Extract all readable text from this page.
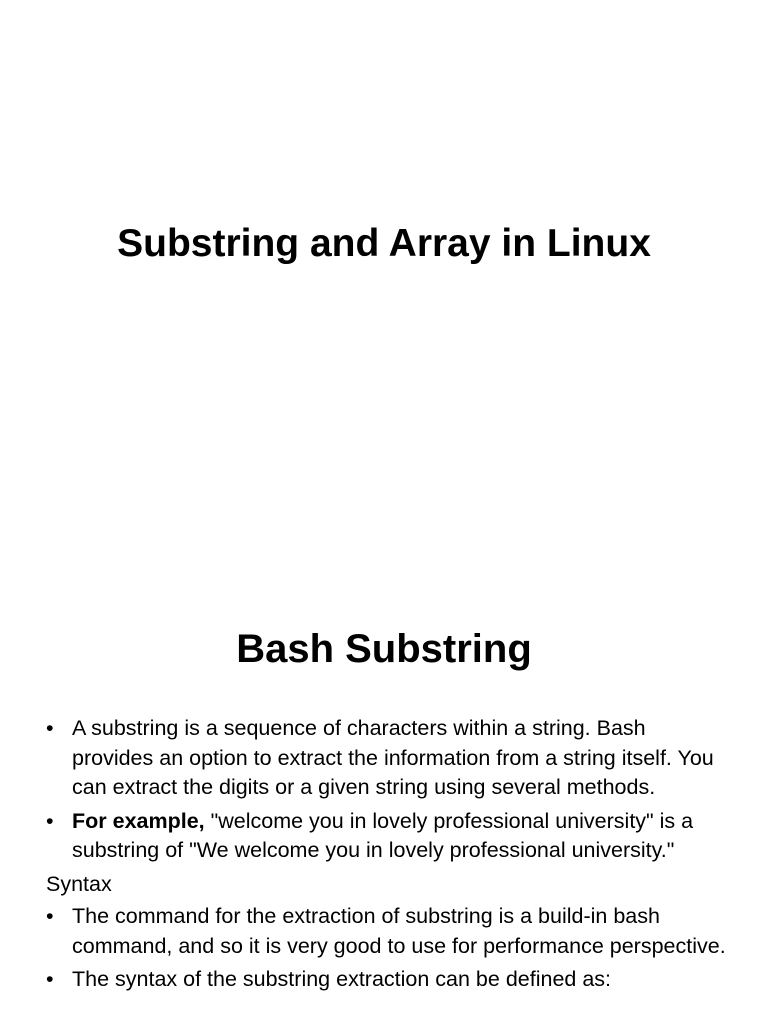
Substring and Array in Linux
Bash Substring
• A substring is a sequence of characters within a string. Bash provides an option to extract the information from a string itself. You can extract the digits or a given string using several methods.
• For example, "welcome you in lovely professional university" is a substring of "We welcome you in lovely professional university."
Syntax
• The command for the extraction of substring is a build-in bash command, and so it is very good to use for performance perspective.
• The syntax of the substring extraction can be defined as:
